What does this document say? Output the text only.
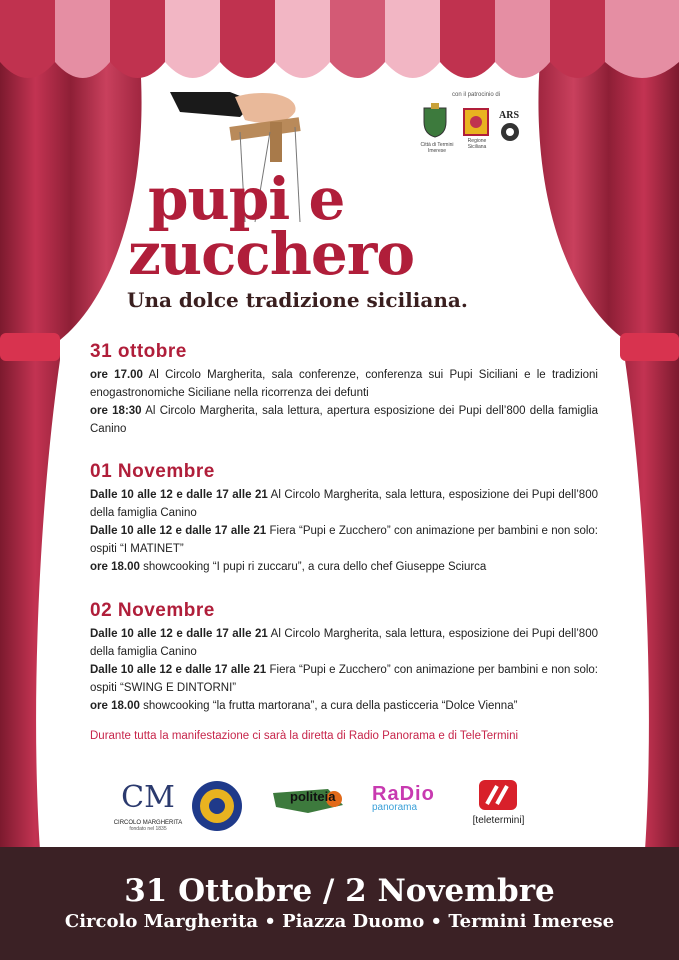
con il patrocinio di
Città di Termini Imerese
Regione Siciliana
ARS
pupi e
zucchero
Una dolce tradizione siciliana.
31 ottobre

ore 17.00 Al Circolo Margherita, sala conferenze, conferenza sui Pupi Siciliani e le tradizioni enogastronomiche Siciliane nella ricorrenza dei defunti

ore 18:30 Al Circolo Margherita, sala lettura, apertura esposizione dei Pupi dell’800 della famiglia Canino

01 Novembre

Dalle 10 alle 12 e dalle 17 alle 21 Al Circolo Margherita, sala lettura, esposizione dei Pupi dell’800 della famiglia Canino

Dalle 10 alle 12 e dalle 17 alle 21 Fiera “Pupi e Zucchero” con animazione per bambini e non solo: ospiti “I MATINET”

ore 18.00 showcooking “I pupi ri zuccaru”, a cura dello chef Giuseppe Sciurca

02 Novembre

Dalle 10 alle 12 e dalle 17 alle 21 Al Circolo Margherita, sala lettura, esposizione dei Pupi dell’800 della famiglia Canino

Dalle 10 alle 12 e dalle 17 alle 21 Fiera “Pupi e Zucchero” con animazione per bambini e non solo: ospiti “SWING E DINTORNI”

ore 18.00 showcooking “la frutta martorana”, a cura della pasticceria “Dolce Vienna”

Durante tutta la manifestazione ci sarà la diretta di Radio Panorama e di TeleTermini
CM
CIRCOLO MARGHERITA
fondato nel 1835
politeia RaDio
panorama
[teletermini]
31 Ottobre / 2 Novembre
Circolo Margherita • Piazza Duomo • Termini Imerese
